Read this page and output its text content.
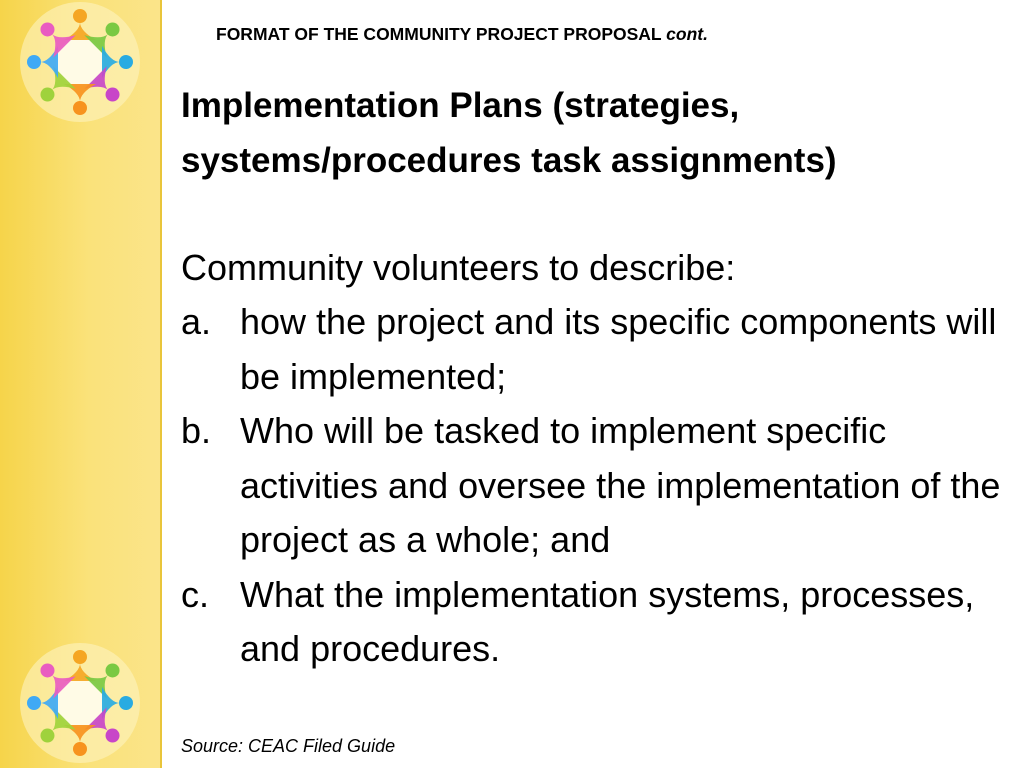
FORMAT OF THE COMMUNITY PROJECT PROPOSAL cont.
Implementation Plans (strategies, systems/procedures task assignments)
Community volunteers to describe:
a. how the project and its specific components will be implemented;
b. Who will be tasked to implement specific activities and oversee the implementation of the project as a whole; and
c. What the implementation systems, processes, and procedures.
Source: CEAC Filed Guide
